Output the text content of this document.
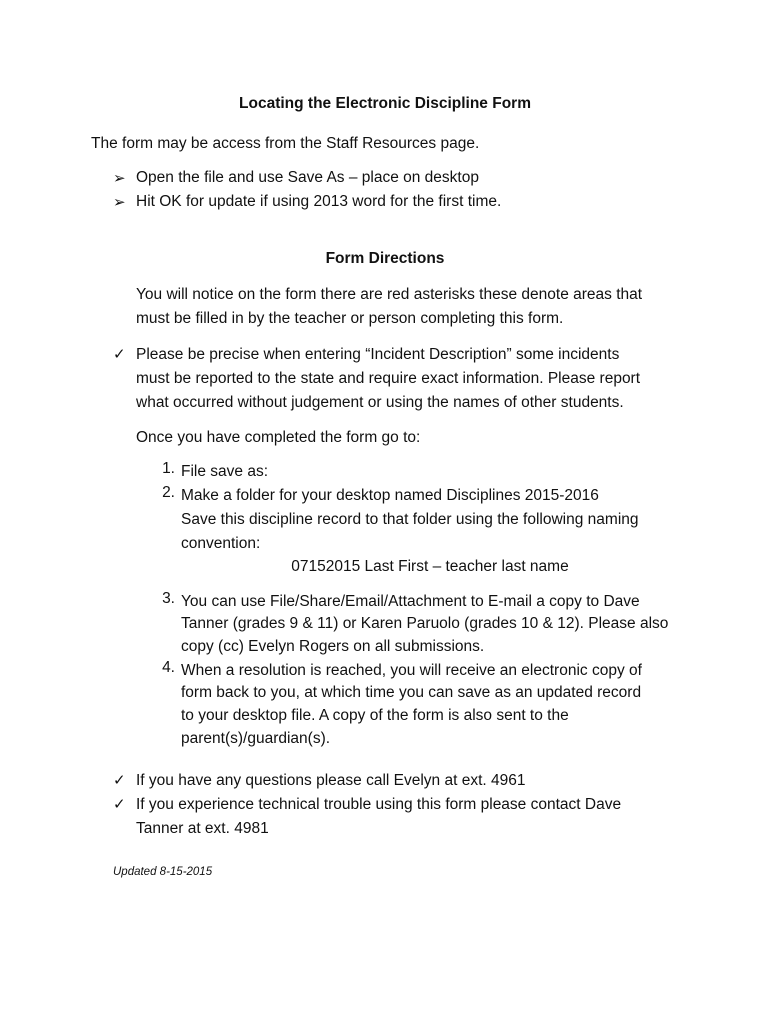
Locating the Electronic Discipline Form
The form may be access from the Staff Resources page.
➢ Open the file and use Save As – place on desktop
➢ Hit OK for update if using 2013 word for the first time.
Form Directions
You will notice on the form there are red asterisks these denote areas that
must be filled in by the teacher or person completing this form.
✓ Please be precise when entering “Incident Description” some incidents
must be reported to the state and require exact information. Please report
what occurred without judgement or using the names of other students.
Once you have completed the form go to:
1. File save as:
2. Make a folder for your desktop named Disciplines 2015-2016
Save this discipline record to that folder using the following naming
convention:
07152015 Last First – teacher last name
3. You can use File/Share/Email/Attachment to E-mail a copy to Dave
Tanner (grades 9 & 11) or Karen Paruolo (grades 10 & 12). Please also
copy (cc) Evelyn Rogers on all submissions.
4. When a resolution is reached, you will receive an electronic copy of
form back to you, at which time you can save as an updated record
to your desktop file. A copy of the form is also sent to the
parent(s)/guardian(s).
✓ If you have any questions please call Evelyn at ext. 4961
✓ If you experience technical trouble using this form please contact Dave
Tanner at ext. 4981
Updated 8-15-2015
